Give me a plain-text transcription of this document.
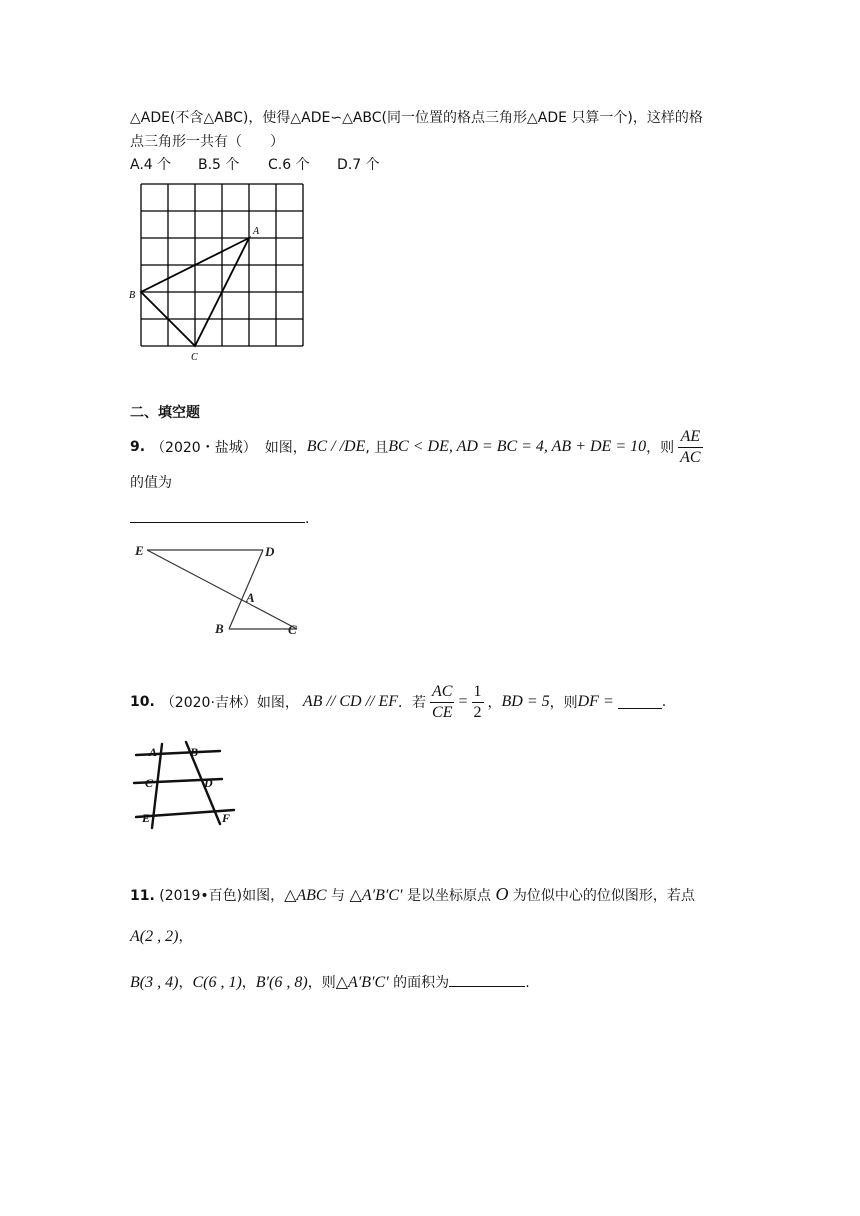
△ADE(不含△ABC)，使得△ADE∽△ABC(同一位置的格点三角形△ADE 只算一个)，这样的格
点三角形一共有（　　）
A.4 个 B.5 个 C.6 个 D.7 个
A
B
C
二、填空题
9. （2020・盐城） 如图， BC / /DE , 且 BC < DE, AD = BC = 4, AB + DE = 10 ，则 $\frac{AE}{AC}$
的值为
.
E	D
A
B	C
10. （2020·吉林） 如图， AB // CD // EF ．若 $\frac{AC}{CE} = \frac{1}{2}$ ， BD = 5 ，则 DF =	.
A	B
C	D
E	F
11. (2019•百色)如图，△ABC 与 △A′B′C′ 是以坐标原点 O 为位似中心的位似图形，若点
A(2 , 2)，
B(3 , 4)，C(6 , 1)，B′(6 , 8)，则△A′B′C′ 的面积为	.
